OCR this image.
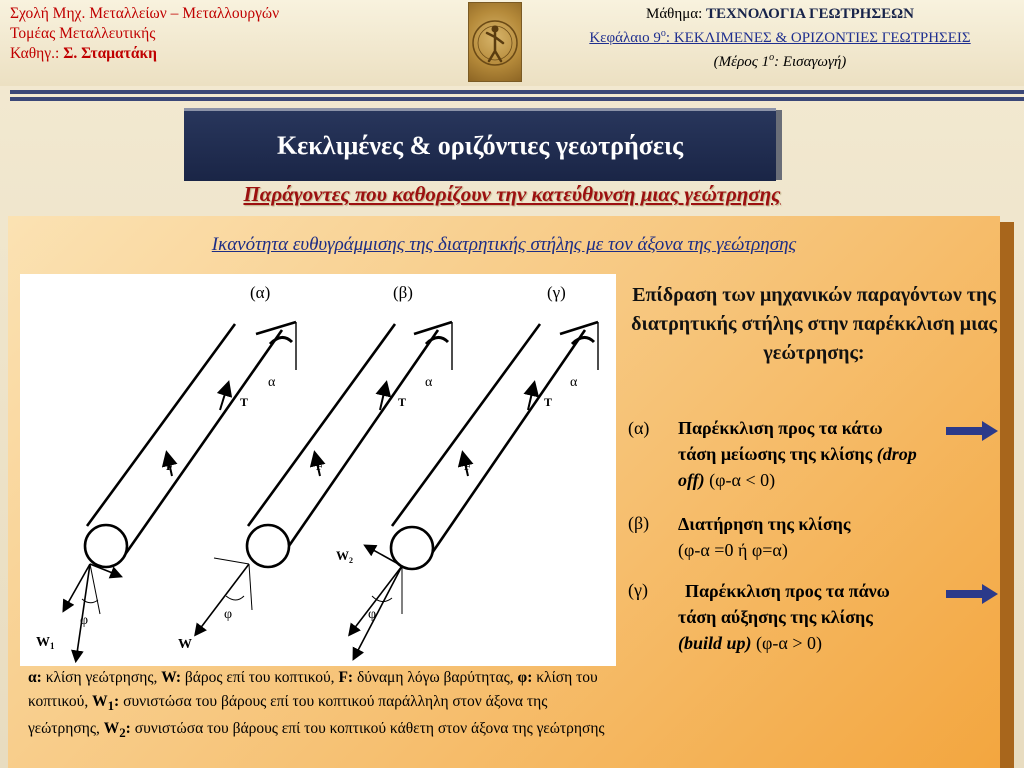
Σχολή Μηχ. Μεταλλείων – Μεταλλουργών
Τομέας Μεταλλευτικής
Καθηγ.: Σ. Σταματάκη
Μάθημα: ΤΕΧΝΟΛΟΓΙΑ ΓΕΩΤΡΗΣΕΩΝ
Κεφάλαιο $9^o$: ΚΕΚΛΙΜΕΝΕΣ & ΟΡΙΖΟΝΤΙΕΣ ΓΕΩΤΡΗΣΕΙΣ
(Μέρος $1^o$: Εισαγωγή)
Κεκλιμένες & οριζόντιες γεωτρήσεις
Παράγοντες που καθορίζουν την κατεύθυνση μιας γεώτρησης
Ικανότητα ευθυγράμμισης της διατρητικής στήλης με τον άξονα της γεώτρησης
(α)	(β)	(γ)
α
φ
$W_1$
T
F
α
φ
W
T
F
α
φ
$W_2$
T
F
α: κλίση γεώτρησης, W: βάρος επί του κοπτικού, F: δύναμη λόγω βαρύτητας, φ: κλίση του κοπτικού, $W_1$: συνιστώσα του βάρους επί του κοπτικού παράλληλη στον άξονα της γεώτρησης, $W_2$: συνιστώσα του βάρους επί του κοπτικού κάθετη στον άξονα της γεώτρησης
Επίδραση των μηχανικών παραγόντων της διατρητικής στήλης στην παρέκκλιση μιας γεώτρησης:
(α) Παρέκκλιση προς τα κάτω
τάση μείωσης της κλίσης (drop
off) (φ-α < 0)
(β) Διατήρηση της κλίσης
(φ-α =0 ή φ=α)
(γ) Παρέκκλιση προς τα πάνω
τάση αύξησης της κλίσης
(build up) (φ-α > 0)
